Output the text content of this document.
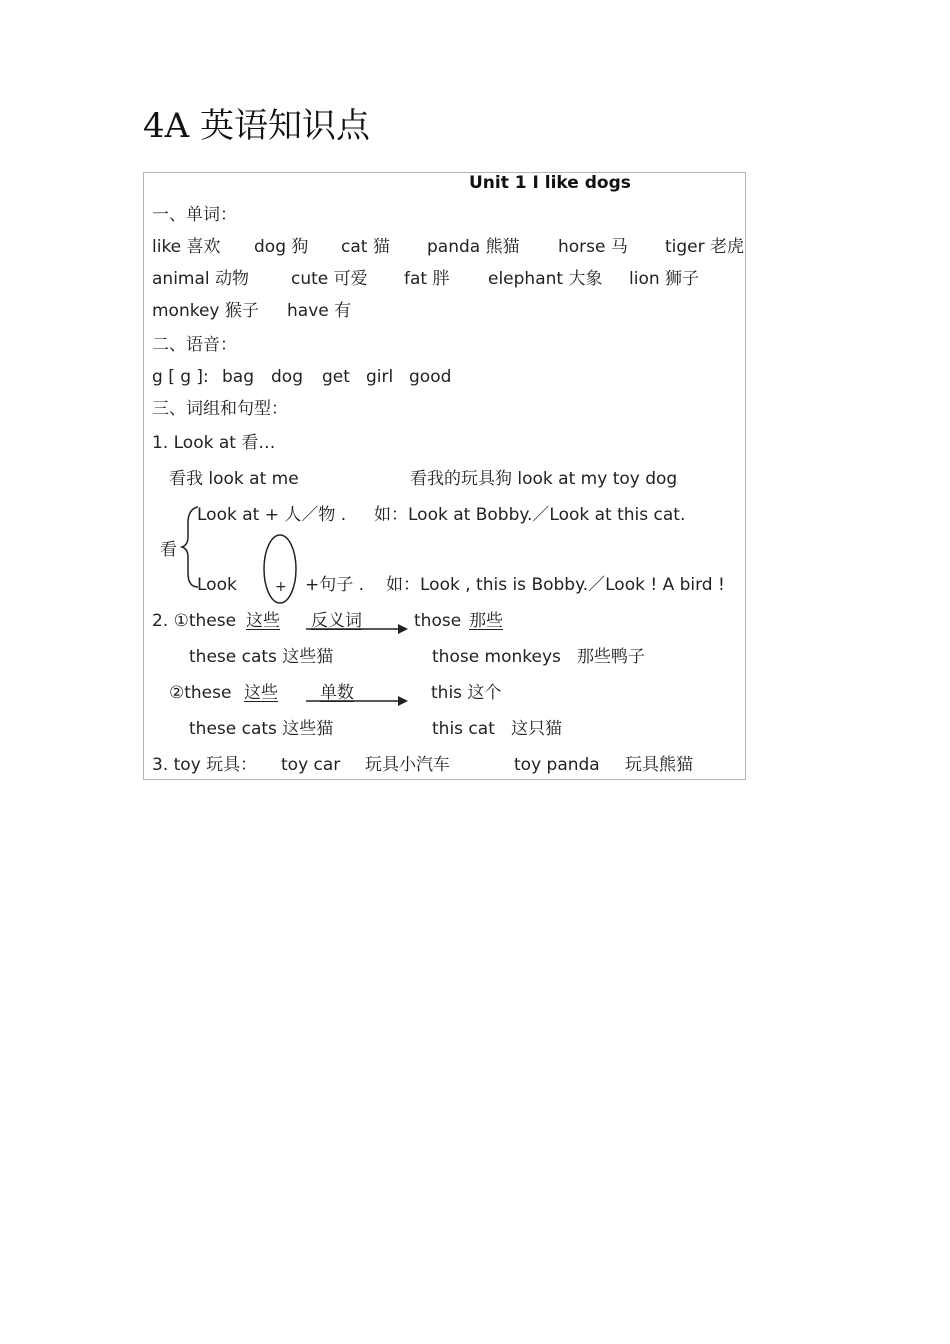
4A 英语知识点
Unit 1 I like dogs
一、单词：
like 喜欢 dog 狗 cat 猫 panda 熊猫 horse 马 tiger 老虎
animal 动物 cute 可爱 fat 胖 elephant 大象 lion 狮子
monkey 猴子 have 有
二、语音：
g [ g ]: bag dog get girl good
三、词组和句型：
1. Look at 看…
看我 look at me	看我的玩具狗 look at my toy dog
看
Look at + 人／物 . 如：Look at Bobby.／Look at this cat.
Look	+ +句子 . 如：Look , this is Bobby.／Look ! A bird !
2. ①these 这些 反义词	those 那些
these cats 这些猫	those monkeys 那些鸭子
②these 这些 单数	this 这个
these cats 这些猫	this cat 这只猫
3. toy 玩具： toy car 玩具小汽车	toy panda 玩具熊猫
